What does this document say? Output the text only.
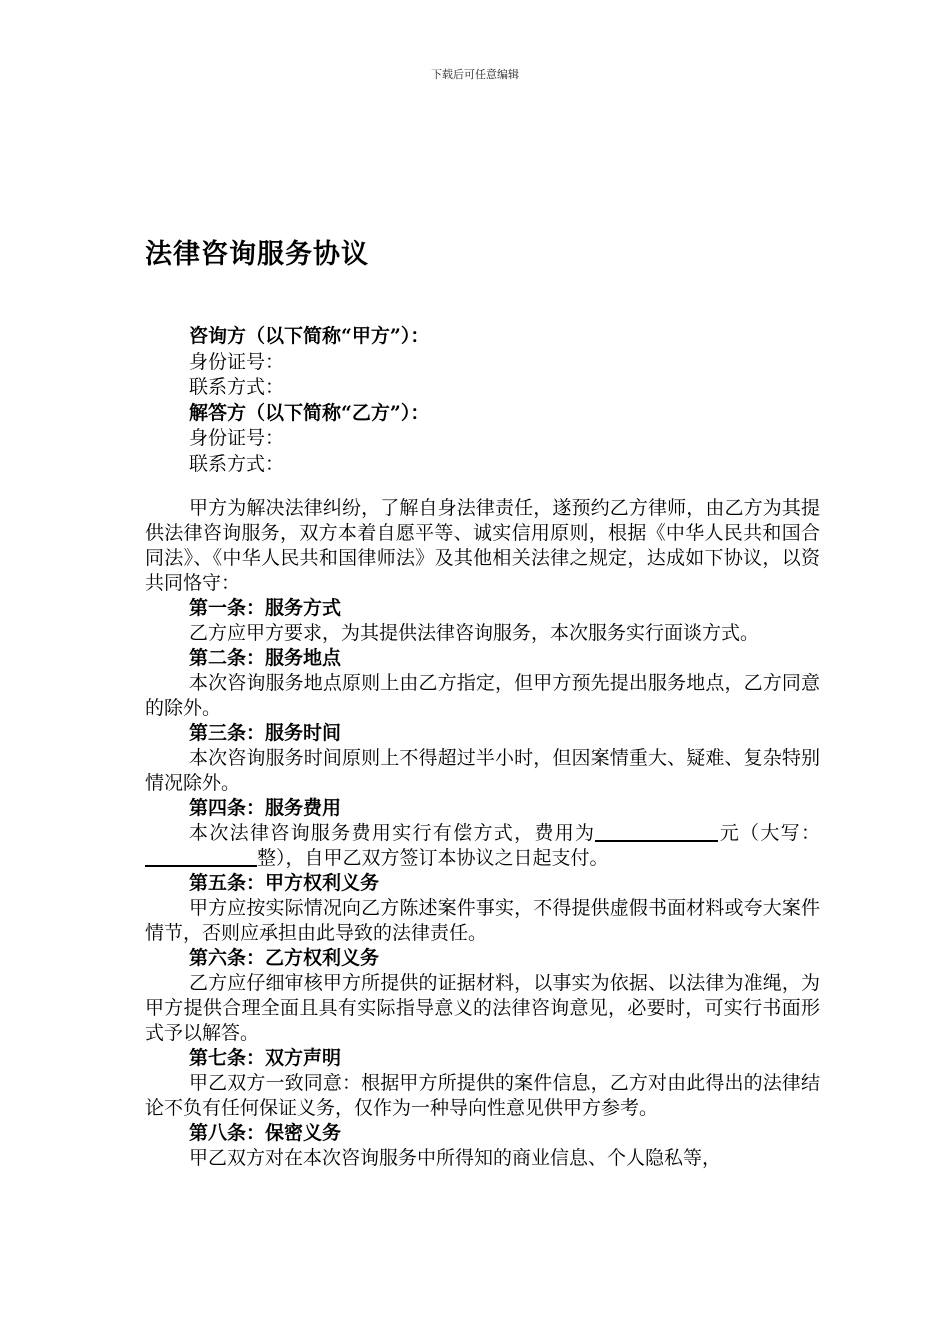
下载后可任意编辑
法律咨询服务协议
咨询方（以下简称“甲方”）：
身份证号：
联系方式：
解答方（以下简称“乙方”）：
身份证号：
联系方式：

甲方为解决法律纠纷，了解自身法律责任，遂预约乙方律师，由乙方为其提供法律咨询服务，双方本着自愿平等、诚实信用原则，根据《中华人民共和国合同法》、《中华人民共和国律师法》及其他相关法律之规定，达成如下协议，以资共同恪守：

第一条：服务方式

乙方应甲方要求，为其提供法律咨询服务，本次服务实行面谈方式。

第二条：服务地点

本次咨询服务地点原则上由乙方指定，但甲方预先提出服务地点，乙方同意的除外。

第三条：服务时间

本次咨询服务时间原则上不得超过半小时，但因案情重大、疑难、复杂特别情况除外。

第四条：服务费用

本次法律咨询服务费用实行有偿方式，费用为	元（大写：整），自甲乙双方签订本协议之日起支付。

第五条：甲方权利义务

甲方应按实际情况向乙方陈述案件事实，不得提供虚假书面材料或夸大案件情节，否则应承担由此导致的法律责任。

第六条：乙方权利义务

乙方应仔细审核甲方所提供的证据材料，以事实为依据、以法律为准绳，为甲方提供合理全面且具有实际指导意义的法律咨询意见，必要时，可实行书面形式予以解答。

第七条：双方声明

甲乙双方一致同意：根据甲方所提供的案件信息，乙方对由此得出的法律结论不负有任何保证义务，仅作为一种导向性意见供甲方参考。

第八条：保密义务

甲乙双方对在本次咨询服务中所得知的商业信息、个人隐私等，
